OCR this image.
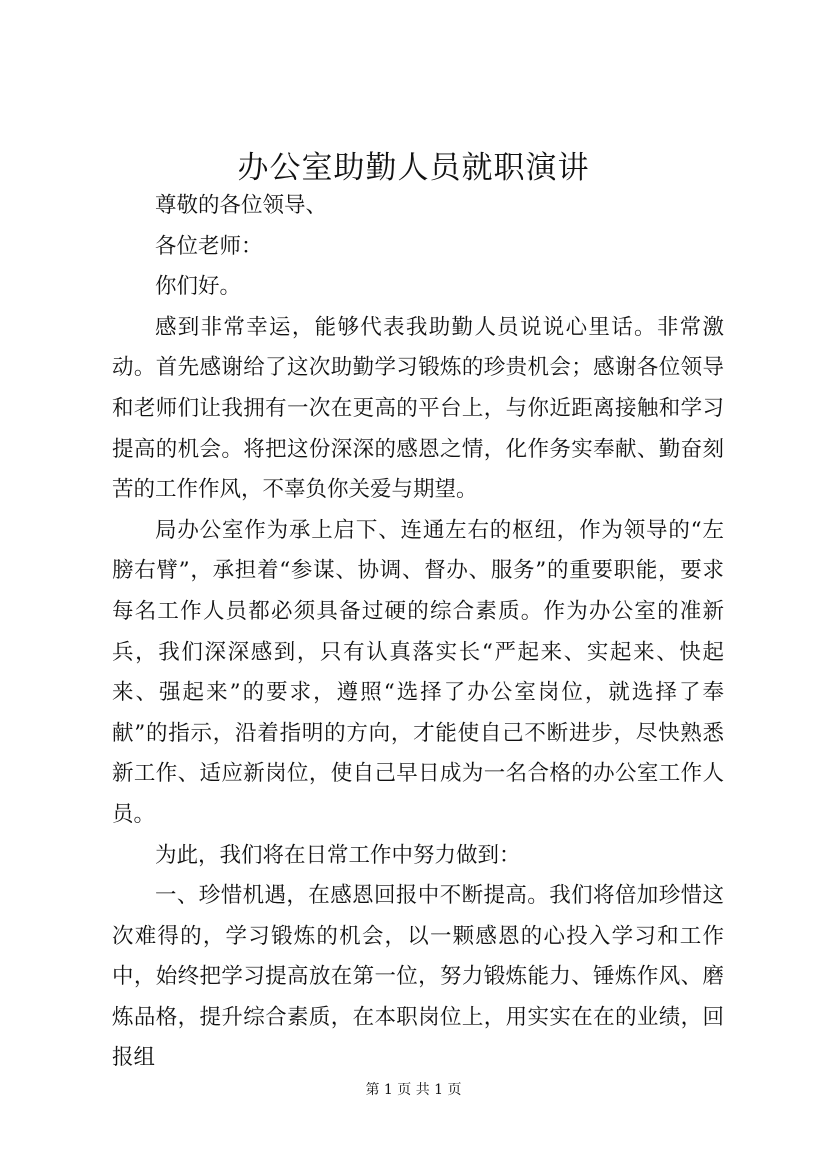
办公室助勤人员就职演讲

尊敬的各位领导、

各位老师：

你们好。

感到非常幸运，能够代表我助勤人员说说心里话。非常激动。首先感谢给了这次助勤学习锻炼的珍贵机会；感谢各位领导和老师们让我拥有一次在更高的平台上，与你近距离接触和学习提高的机会。将把这份深深的感恩之情，化作务实奉献、勤奋刻苦的工作作风，不辜负你关爱与期望。

局办公室作为承上启下、连通左右的枢纽，作为领导的“左膀右臂”，承担着“参谋、协调、督办、服务”的重要职能，要求每名工作人员都必须具备过硬的综合素质。作为办公室的准新兵，我们深深感到，只有认真落实长“严起来、实起来、快起来、强起来”的要求，遵照“选择了办公室岗位，就选择了奉献”的指示，沿着指明的方向，才能使自己不断进步，尽快熟悉新工作、适应新岗位，使自己早日成为一名合格的办公室工作人员。

为此，我们将在日常工作中努力做到：

一、珍惜机遇，在感恩回报中不断提高。我们将倍加珍惜这次难得的，学习锻炼的机会，以一颗感恩的心投入学习和工作中，始终把学习提高放在第一位，努力锻炼能力、锤炼作风、磨炼品格，提升综合素质，在本职岗位上，用实实在在的业绩，回报组

第 1 页 共 1 页
